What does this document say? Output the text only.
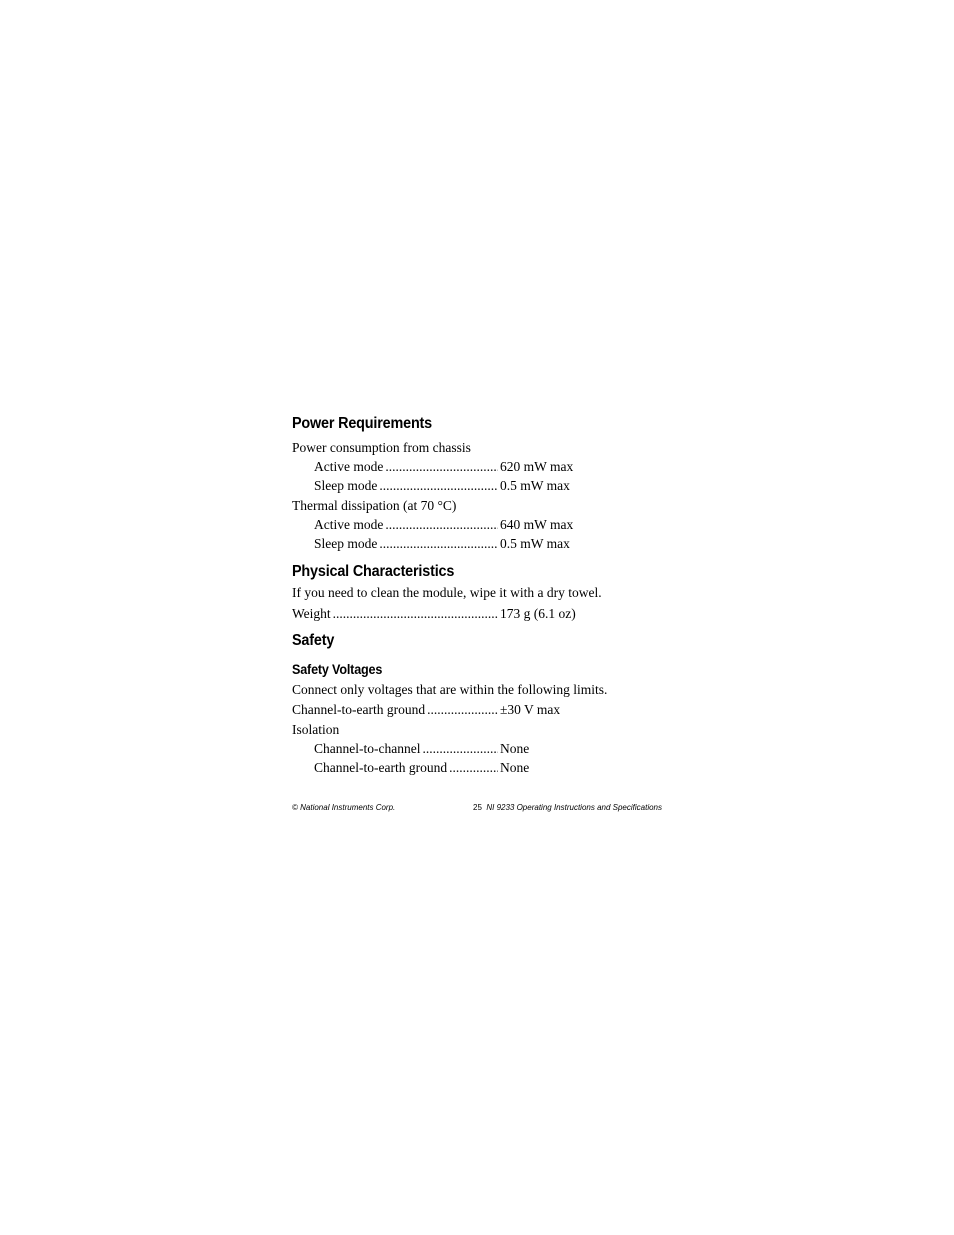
Power Requirements
Power consumption from chassis
Active mode .....	620 mW max
Sleep mode .....	0.5 mW max
Thermal dissipation (at 70 °C)
Active mode .....	640 mW max
Sleep mode .....	0.5 mW max
Physical Characteristics
If you need to clean the module, wipe it with a dry towel.
Weight .....	173 g (6.1 oz)
Safety
Safety Voltages
Connect only voltages that are within the following limits.
Channel-to-earth ground .....	±30 V max
Isolation
Channel-to-channel .....	None
Channel-to-earth ground .....	None
© National Instruments Corp.	25 NI 9233 Operating Instructions and Specifications
